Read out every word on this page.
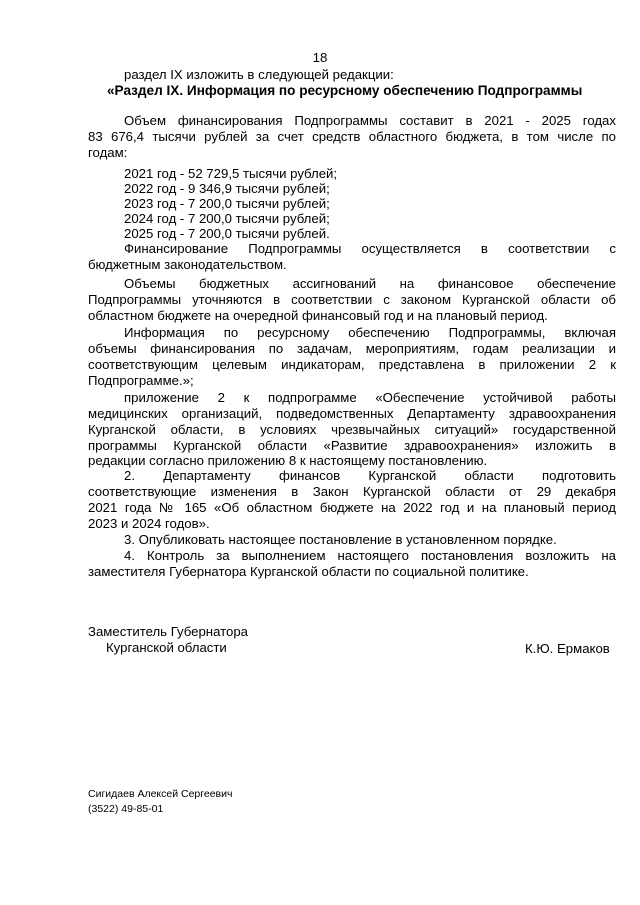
18
раздел IX изложить в следующей редакции:
«Раздел IX. Информация по ресурсному обеспечению Подпрограммы
Объем финансирования Подпрограммы составит в 2021 - 2025 годах
83 676,4 тысячи рублей за счет средств областного бюджета, в том числе по
годам:
2021 год - 52 729,5 тысячи рублей;
2022 год - 9 346,9 тысячи рублей;
2023 год - 7 200,0 тысячи рублей;
2024 год - 7 200,0 тысячи рублей;
2025 год - 7 200,0 тысячи рублей.
Финансирование Подпрограммы осуществляется в соответствии с
бюджетным законодательством.
Объемы бюджетных ассигнований на финансовое обеспечение
Подпрограммы уточняются в соответствии с законом Курганской области об
областном бюджете на очередной финансовый год и на плановый период.
Информация по ресурсному обеспечению Подпрограммы, включая
объемы финансирования по задачам, мероприятиям, годам реализации и
соответствующим целевым индикаторам, представлена в приложении 2 к
Подпрограмме.»;
приложение 2 к подпрограмме «Обеспечение устойчивой работы
медицинских организаций, подведомственных Департаменту здравоохранения
Курганской области, в условиях чрезвычайных ситуаций» государственной
программы Курганской области «Развитие здравоохранения» изложить в
редакции согласно приложению 8 к настоящему постановлению.
2. Департаменту финансов Курганской области подготовить
соответствующие изменения в Закон Курганской области от 29 декабря
2021 года № 165 «Об областном бюджете на 2022 год и на плановый период
2023 и 2024 годов».
3. Опубликовать настоящее постановление в установленном порядке.
4. Контроль за выполнением настоящего постановления возложить на
заместителя Губернатора Курганской области по социальной политике.
Заместитель Губернатора
Курганской области	К.Ю. Ермаков
Сигидаев Алексей Сергеевич
(3522) 49-85-01
